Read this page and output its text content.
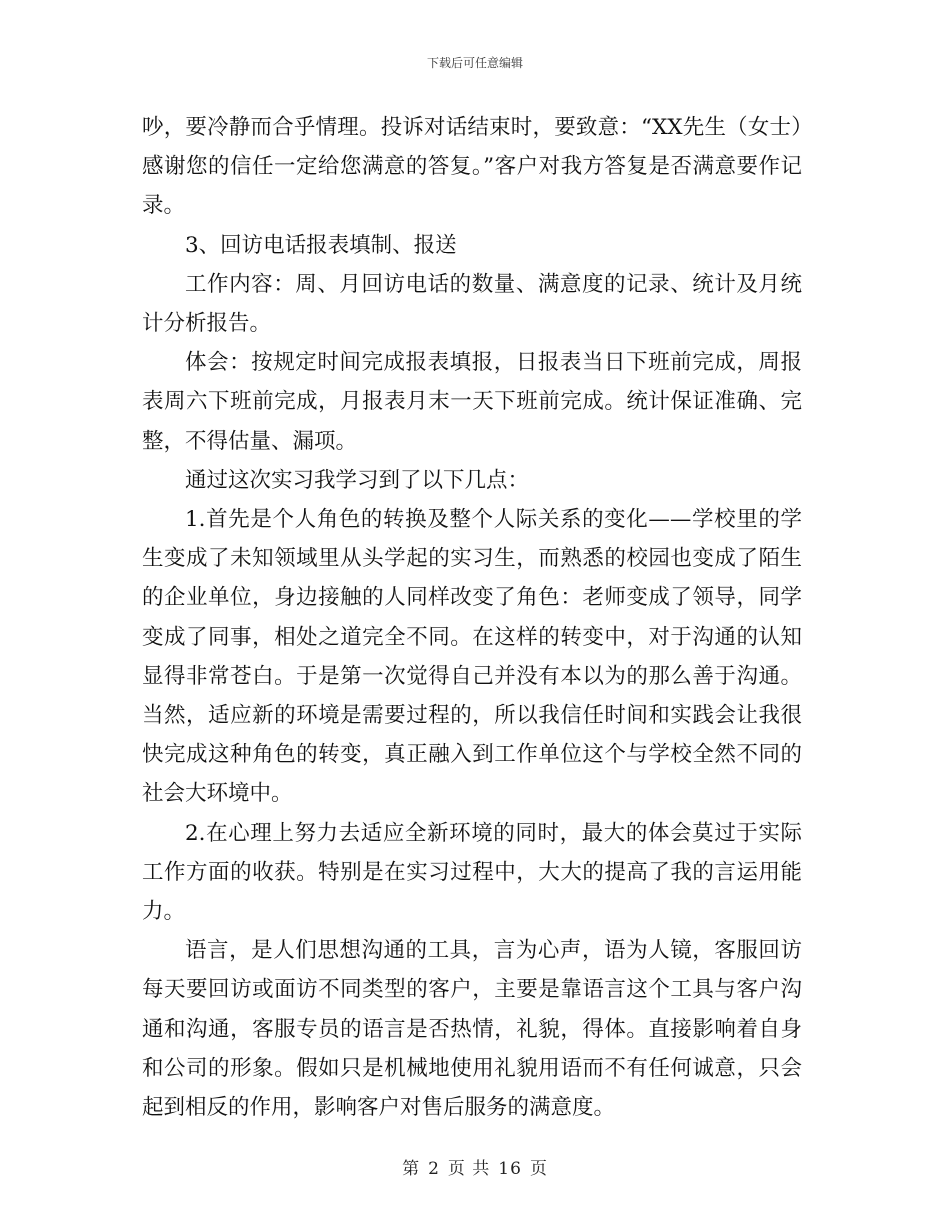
下载后可任意编辑

吵，要冷静而合乎情理。投诉对话结束时，要致意：“XX先生（女士）感谢您的信任一定给您满意的答复。”客户对我方答复是否满意要作记录。

3、回访电话报表填制、报送

工作内容：周、月回访电话的数量、满意度的记录、统计及月统计分析报告。

体会：按规定时间完成报表填报，日报表当日下班前完成，周报表周六下班前完成，月报表月末一天下班前完成。统计保证准确、完整，不得估量、漏项。

通过这次实习我学习到了以下几点：

1.首先是个人角色的转换及整个人际关系的变化——学校里的学生变成了未知领域里从头学起的实习生，而熟悉的校园也变成了陌生的企业单位，身边接触的人同样改变了角色：老师变成了领导，同学变成了同事，相处之道完全不同。在这样的转变中，对于沟通的认知显得非常苍白。于是第一次觉得自己并没有本以为的那么善于沟通。当然，适应新的环境是需要过程的，所以我信任时间和实践会让我很快完成这种角色的转变，真正融入到工作单位这个与学校全然不同的社会大环境中。

2.在心理上努力去适应全新环境的同时，最大的体会莫过于实际工作方面的收获。特别是在实习过程中，大大的提高了我的言运用能力。

语言，是人们思想沟通的工具，言为心声，语为人镜，客服回访每天要回访或面访不同类型的客户，主要是靠语言这个工具与客户沟通和沟通，客服专员的语言是否热情，礼貌，得体。直接影响着自身和公司的形象。假如只是机械地使用礼貌用语而不有任何诚意，只会起到相反的作用，影响客户对售后服务的满意度。

第 2 页 共 16 页
